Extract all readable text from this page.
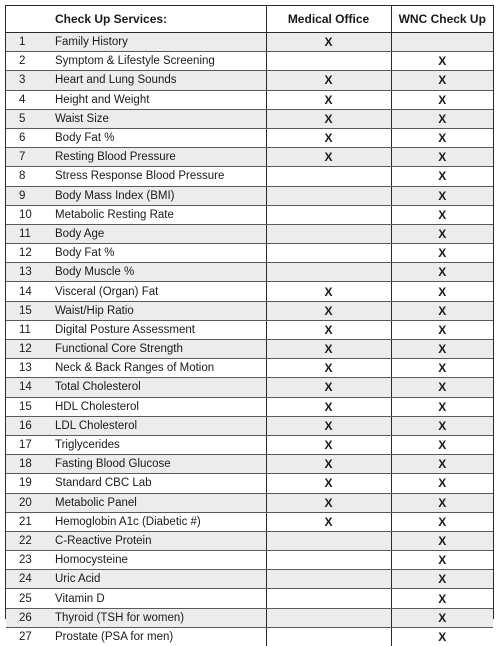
	Check Up Services:	Medical Office	WNC Check Up
1	Family History	X	
2	Symptom & Lifestyle Screening		X
3	Heart and Lung Sounds	X	X
4	Height and Weight	X	X
5	Waist Size	X	X
6	Body Fat %	X	X
7	Resting Blood Pressure	X	X
8	Stress Response Blood Pressure		X
9	Body Mass Index (BMI)		X
10	Metabolic Resting Rate		X
11	Body Age		X
12	Body Fat %		X
13	Body Muscle %		X
14	Visceral (Organ) Fat	X	X
15	Waist/Hip Ratio	X	X
11	Digital Posture Assessment	X	X
12	Functional Core Strength	X	X
13	Neck & Back Ranges of Motion	X	X
14	Total Cholesterol	X	X
15	HDL Cholesterol	X	X
16	LDL Cholesterol	X	X
17	Triglycerides	X	X
18	Fasting Blood Glucose	X	X
19	Standard CBC Lab	X	X
20	Metabolic Panel	X	X
21	Hemoglobin A1c (Diabetic #)	X	X
22	C-Reactive Protein		X
23	Homocysteine		X
24	Uric Acid		X
25	Vitamin D		X
26	Thyroid (TSH for women)		X
27	Prostate (PSA for men)		X
